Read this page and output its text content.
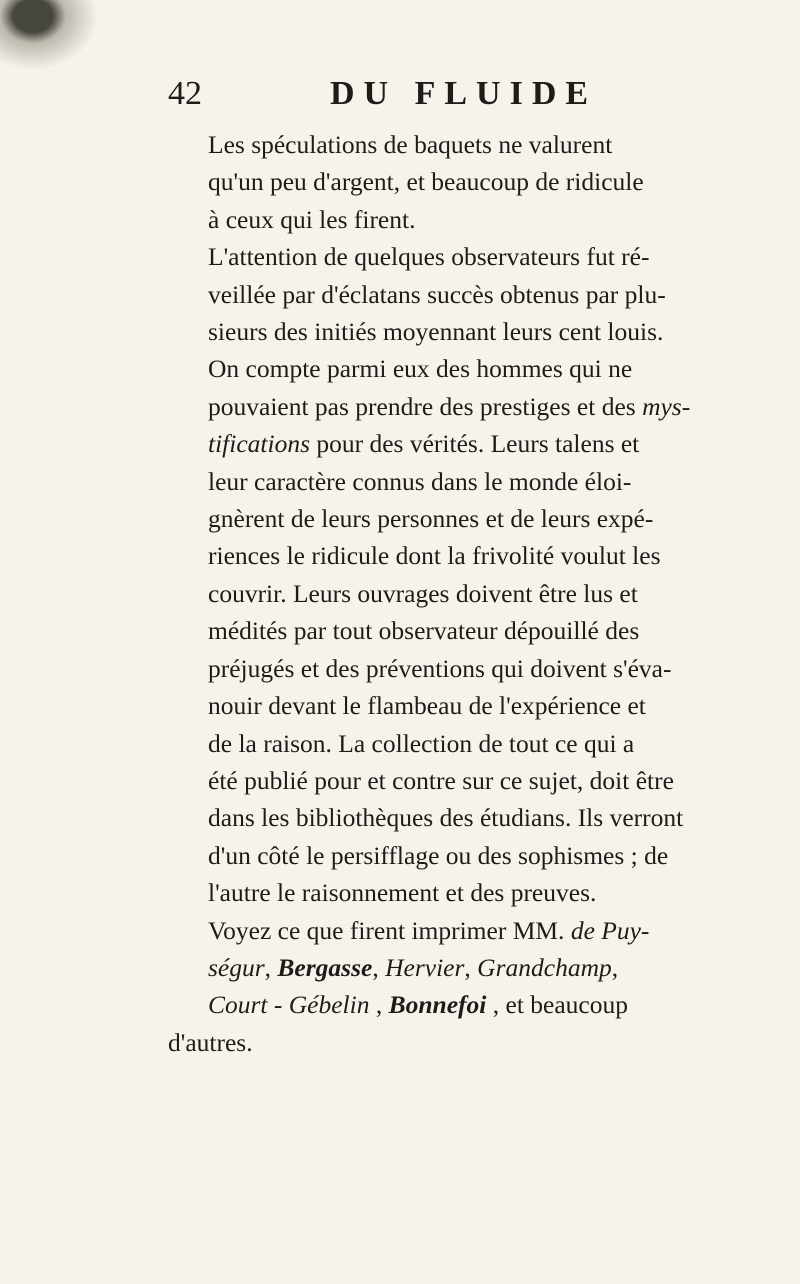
42	DU FLUIDE

Les spéculations de baquets ne valurent
qu'un peu d'argent, et beaucoup de ridicule
à ceux qui les firent.

L'attention de quelques observateurs fut ré-
veillée par d'éclatans succès obtenus par plu-
sieurs des initiés moyennant leurs cent louis.
On compte parmi eux des hommes qui ne
pouvaient pas prendre des prestiges et des mys-
tifications pour des vérités. Leurs talens et
leur caractère connus dans le monde éloi-
gnèrent de leurs personnes et de leurs expé-
riences le ridicule dont la frivolité voulut les
couvrir. Leurs ouvrages doivent être lus et
médités par tout observateur dépouillé des
préjugés et des préventions qui doivent s'éva-
nouir devant le flambeau de l'expérience et
de la raison. La collection de tout ce qui a
été publié pour et contre sur ce sujet, doit être
dans les bibliothèques des étudians. Ils verront
d'un côté le persifflage ou des sophismes ; de
l'autre le raisonnement et des preuves.

Voyez ce que firent imprimer MM. de Puy-
ségur, Bergasse, Hervier, Grandchamp,
Court - Gébelin , Bonnefoi , et beaucoup
d'autres.
